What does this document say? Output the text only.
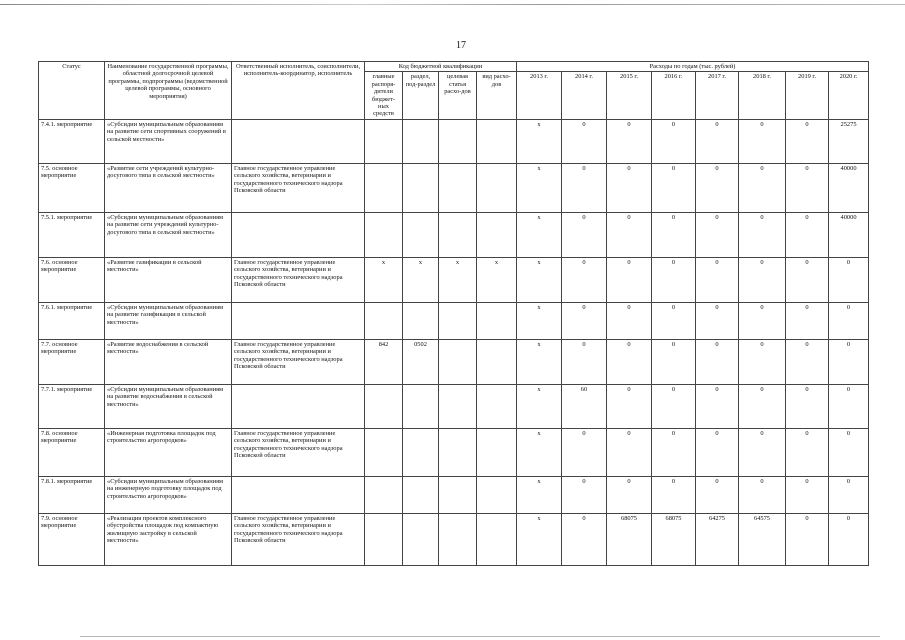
17
Статус	Наименование государственной программы, областной долгосрочной целевой программы, подпрограммы (ведомственной целевой программы, основного мероприятия)	Ответственный исполнитель, соисполнители, исполнитель-координатор, исполнитель	Код бюджетной квалификации				Расходы по годам (тыс. рублей)							
			главные распоря-дители бюджет-ных средств	раздел, под-раздел	целевая статья расхо-дов	вид расхо-дов	2013 г.	2014 г.	2015 г.	2016 г.	2017 г.	2018 г.	2019 г.	2020 г.
7.4.1. мероприятие	«Субсидии муниципальным образованиям на развитие сети спортивных сооружений в сельской местности»						х	0	0	0	0	0	0	25275
7.5. основное мероприятие	«Развитие сети учреждений культурно-досугового типа в сельской местности»	Главное государственное управление сельского хозяйства, ветеринарии и государственного технического надзора Псковской области					х	0	0	0	0	0	0	40000
7.5.1. мероприятие	«Субсидии муниципальным образованиям на развитие сети учреждений культурно-досугового типа в сельской местности»						х	0	0	0	0	0	0	40000
7.6. основное мероприятие	«Развитие газификации в сельской местности»	Главное государственное управление сельского хозяйства, ветеринарии и государственного технического надзора Псковской области	х	х	х	х	х	0	0	0	0	0	0	0
7.6.1. мероприятие	«Субсидии муниципальным образованиям на развитие газификации в сельской местности»						х	0	0	0	0	0	0	0
7.7. основное мероприятие	«Развитие водоснабжения в сельской местности»	Главное государственное управление сельского хозяйства, ветеринарии и государственного технического надзора Псковской области	842	0502			х	0	0	0	0	0	0	0
7.7.1. мероприятие	«Субсидии муниципальным образованиям на развитие водоснабжения в сельской местности»						х	60	0	0	0	0	0	0
7.8. основное мероприятие	«Инженерная подготовка площадок под строительство агрогородков»	Главное государственное управление сельского хозяйства, ветеринарии и государственного технического надзора Псковской области					х	0	0	0	0	0	0	0
7.8.1. мероприятие	«Субсидии муниципальным образованиям на инженерную подготовку площадок под строительство агрогородков»						х	0	0	0	0	0	0	0
7.9. основное мероприятие	«Реализация проектов комплексного обустройства площадок под компактную жилищную застройку в сельской местности»	Главное государственное управление сельского хозяйства, ветеринарии и государственного технического надзора Псковской области					х	0	68075	68075	64275	64575	0	0
